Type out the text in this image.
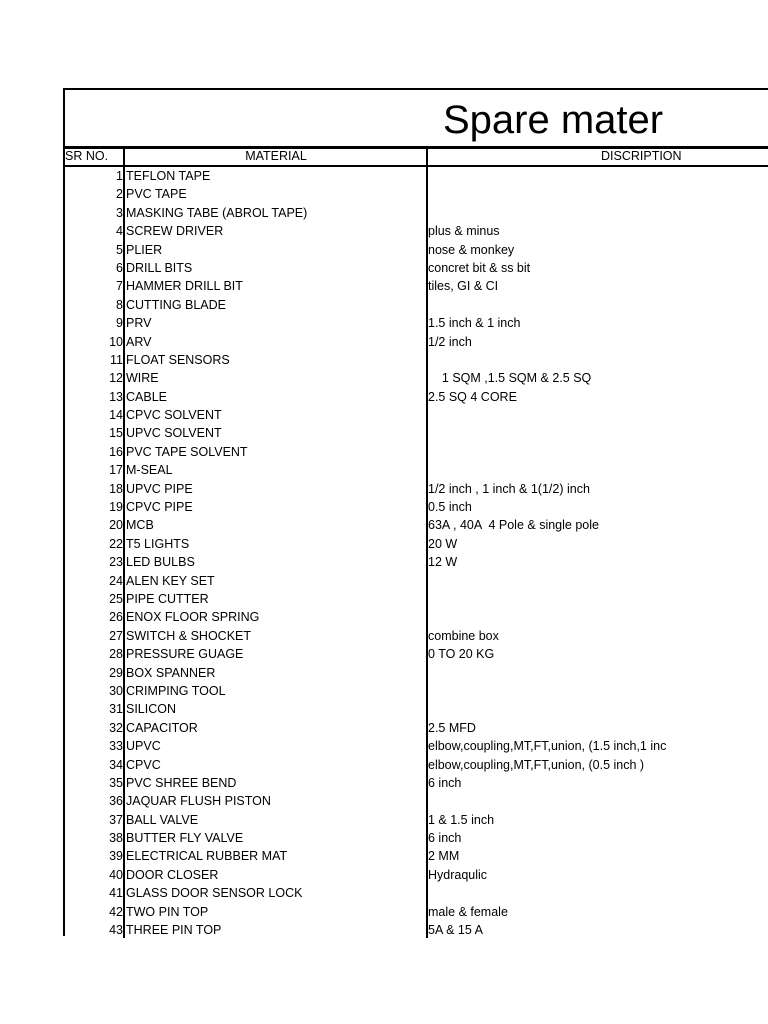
Spare mater
SR NO.	MATERIAL	DISCRIPTION
1 TEFLON TAPE
2 PVC TAPE
3 MASKING TABE (ABROL TAPE)
4 SCREW DRIVER	plus & minus
5 PLIER	nose & monkey
6 DRILL BITS	concret bit & ss bit
7 HAMMER DRILL BIT	tiles, GI & CI
8 CUTTING BLADE
9 PRV	1.5 inch & 1 inch
10 ARV	1/2 inch
11 FLOAT SENSORS
12 WIRE	1 SQM ,1.5 SQM & 2.5 SQ
13 CABLE	2.5 SQ 4 CORE
14 CPVC SOLVENT
15 UPVC SOLVENT
16 PVC TAPE SOLVENT
17 M-SEAL
18 UPVC PIPE	1/2 inch , 1 inch & 1(1/2) inch
19 CPVC PIPE	0.5 inch
20 MCB	63A , 40A  4 Pole & single pole
22 T5 LIGHTS	20 W
23 LED BULBS	12 W
24 ALEN KEY SET
25 PIPE CUTTER
26 ENOX FLOOR SPRING
27 SWITCH & SHOCKET	combine box
28 PRESSURE GUAGE	0 TO 20 KG
29 BOX SPANNER
30 CRIMPING TOOL
31 SILICON
32 CAPACITOR	2.5 MFD
33 UPVC	elbow,coupling,MT,FT,union, (1.5 inch,1 inc
34 CPVC	elbow,coupling,MT,FT,union, (0.5 inch )
35 PVC SHREE BEND	6 inch
36 JAQUAR FLUSH PISTON
37 BALL VALVE	1 & 1.5 inch
38 BUTTER FLY VALVE	6 inch
39 ELECTRICAL RUBBER MAT	2 MM
40 DOOR CLOSER	Hydraqulic
41 GLASS DOOR SENSOR LOCK
42 TWO PIN TOP	male & female
43 THREE PIN TOP	5A & 15 A
